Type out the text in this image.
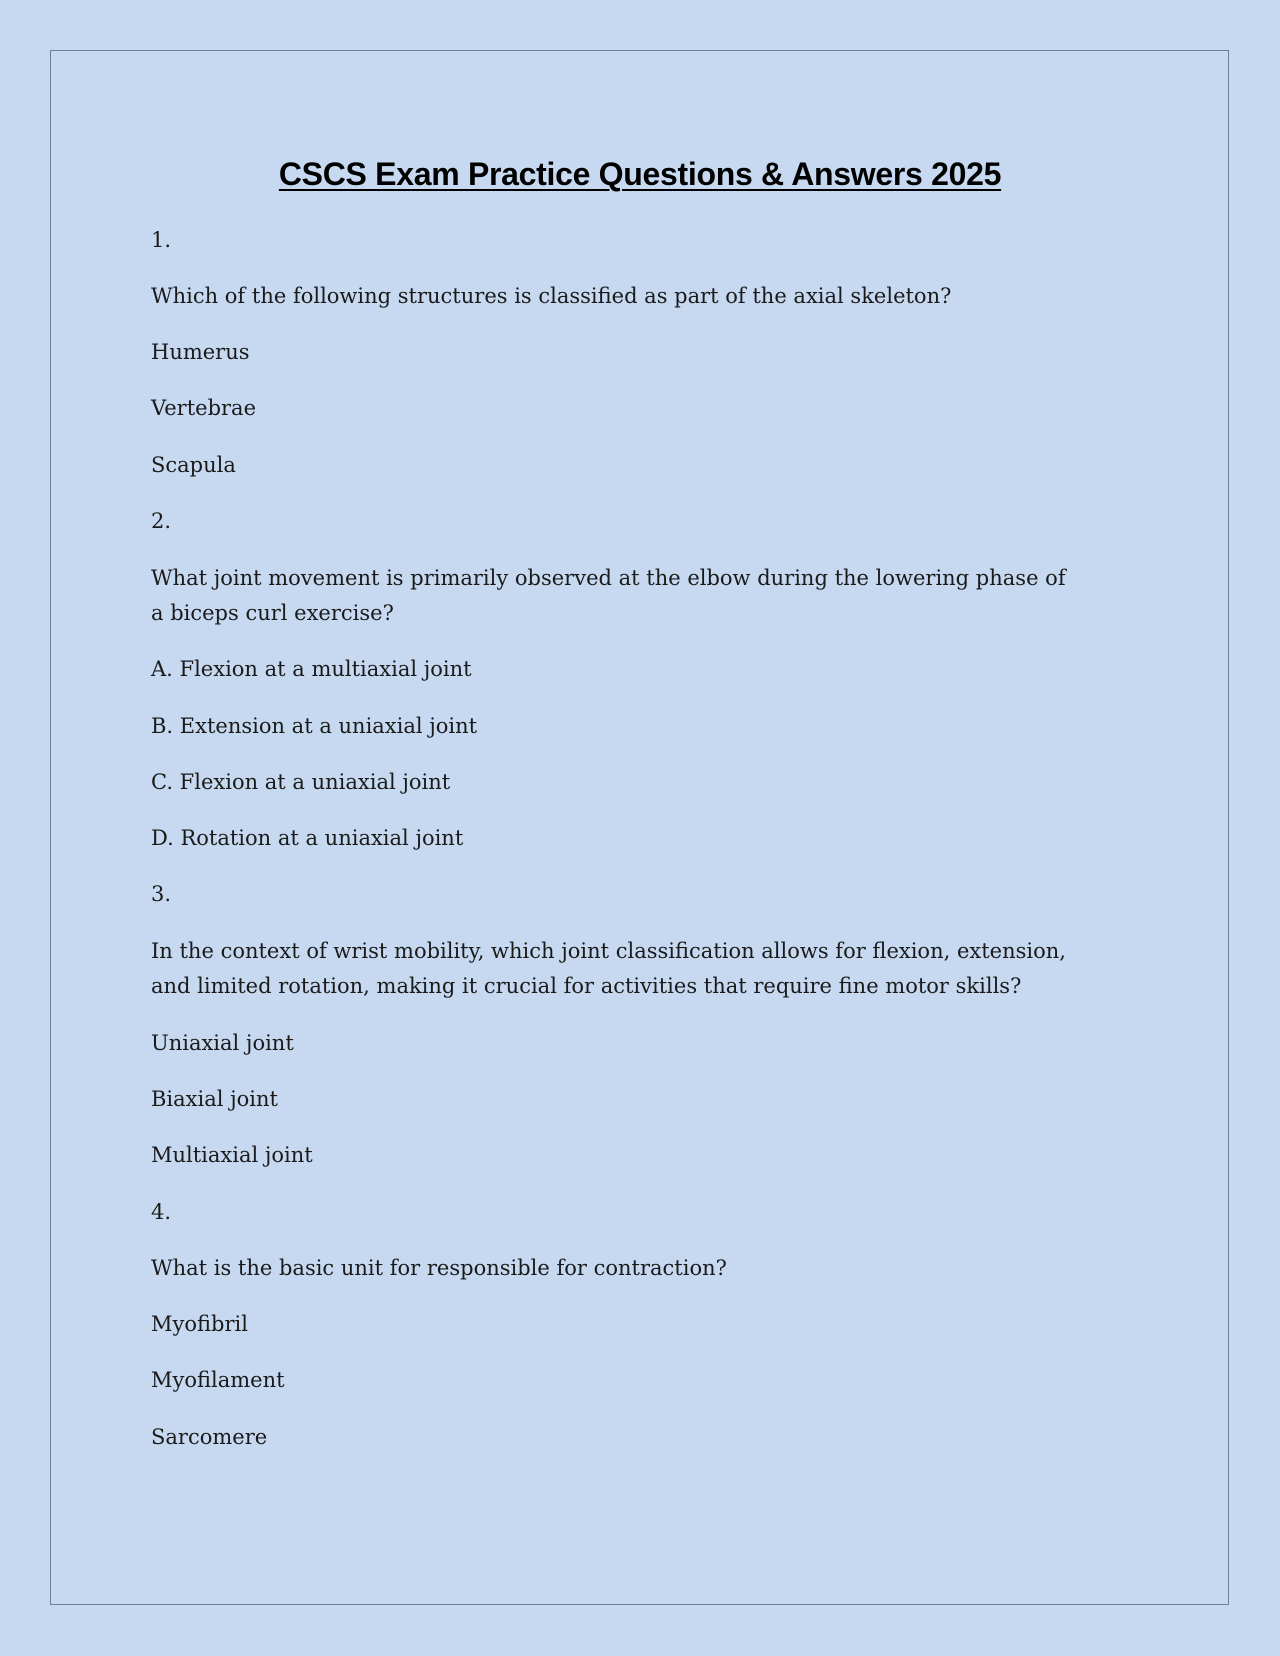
CSCS Exam Practice Questions & Answers 2025
1.
Which of the following structures is classified as part of the axial skeleton?
Humerus
Vertebrae
Scapula
2.
What joint movement is primarily observed at the elbow during the lowering phase of
a biceps curl exercise?
A. Flexion at a multiaxial joint
B. Extension at a uniaxial joint
C. Flexion at a uniaxial joint
D. Rotation at a uniaxial joint
3.
In the context of wrist mobility, which joint classification allows for flexion, extension,
and limited rotation, making it crucial for activities that require fine motor skills?
Uniaxial joint
Biaxial joint
Multiaxial joint
4.
What is the basic unit for responsible for contraction?
Myofibril
Myofilament
Sarcomere
